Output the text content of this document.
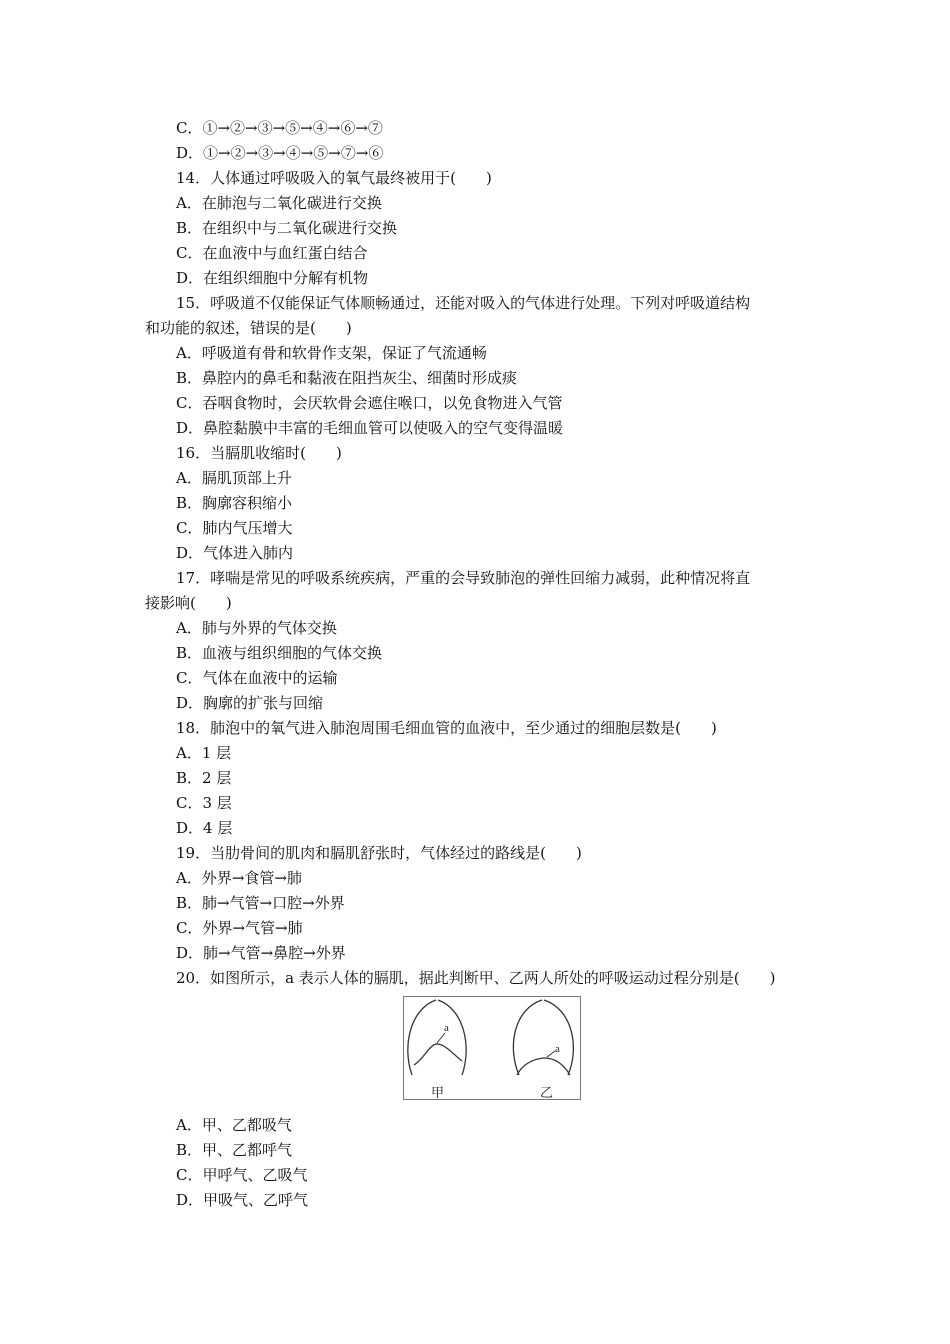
C．①→②→③→⑤→④→⑥→⑦
D．①→②→③→④→⑤→⑦→⑥
14．人体通过呼吸吸入的氧气最终被用于(　　)
A．在肺泡与二氧化碳进行交换
B．在组织中与二氧化碳进行交换
C．在血液中与血红蛋白结合
D．在组织细胞中分解有机物
15．呼吸道不仅能保证气体顺畅通过，还能对吸入的气体进行处理。下列对呼吸道结构
和功能的叙述，错误的是(　　)
A．呼吸道有骨和软骨作支架，保证了气流通畅
B．鼻腔内的鼻毛和黏液在阻挡灰尘、细菌时形成痰
C．吞咽食物时，会厌软骨会遮住喉口，以免食物进入气管
D．鼻腔黏膜中丰富的毛细血管可以使吸入的空气变得温暖
16．当膈肌收缩时(　　)
A．膈肌顶部上升
B．胸廓容积缩小
C．肺内气压增大
D．气体进入肺内
17．哮喘是常见的呼吸系统疾病，严重的会导致肺泡的弹性回缩力减弱，此种情况将直
接影响(　　)
A．肺与外界的气体交换
B．血液与组织细胞的气体交换
C．气体在血液中的运输
D．胸廓的扩张与回缩
18．肺泡中的氧气进入肺泡周围毛细血管的血液中，至少通过的细胞层数是(　　)
A．1 层
B．2 层
C．3 层
D．4 层
19．当肋骨间的肌肉和膈肌舒张时，气体经过的路线是(　　)
A．外界→食管→肺
B．肺→气管→口腔→外界
C．外界→气管→肺
D．肺→气管→鼻腔→外界
20．如图所示，a 表示人体的膈肌，据此判断甲、乙两人所处的呼吸运动过程分别是(　　)
a
甲
a
乙
A．甲、乙都吸气
B．甲、乙都呼气
C．甲呼气、乙吸气
D．甲吸气、乙呼气
